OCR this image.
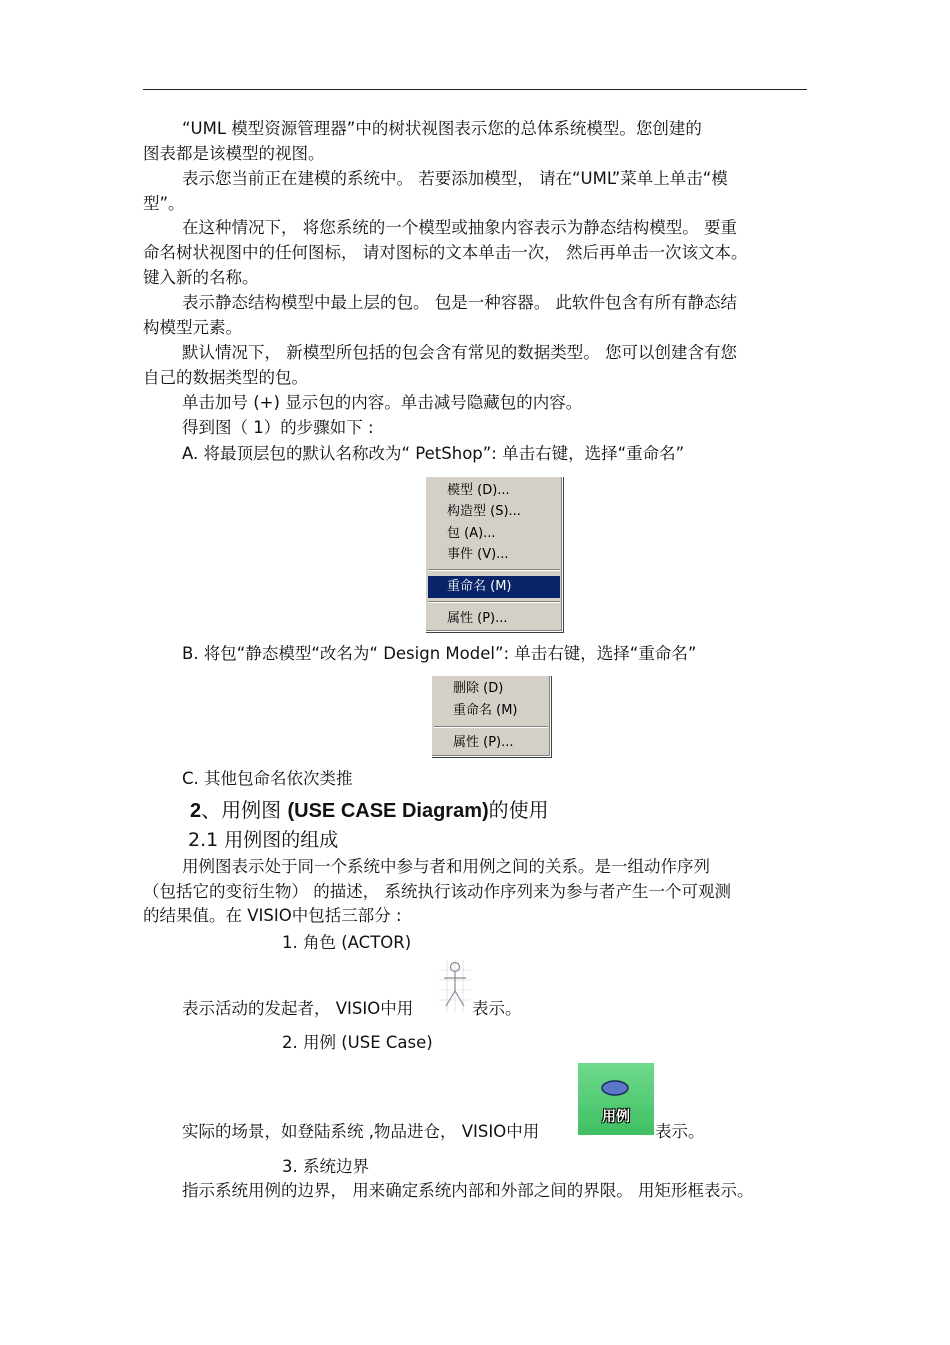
“UML 模型资源管理器”中的树状视图表示您的总体系统模型。您创建的
图表都是该模型的视图。
表示您当前正在建模的系统中。 若要添加模型， 请在“UML”菜单上单击“模
型”。
在这种情况下， 将您系统的一个模型或抽象内容表示为静态结构模型。 要重
命名树状视图中的任何图标， 请对图标的文本单击一次， 然后再单击一次该文本。
键入新的名称。
表示静态结构模型中最上层的包。 包是一种容器。 此软件包含有所有静态结
构模型元素。
默认情况下， 新模型所包括的包会含有常见的数据类型。 您可以创建含有您
自己的数据类型的包。
单击加号 (+) 显示包的内容。单击减号隐藏包的内容。
得到图（ 1）的步骤如下 :
A. 将最顶层包的默认名称改为“ PetShop”: 单击右键，选择“重命名”
模型 (D)...
构造型 (S)...
包 (A)...
事件 (V)...
重命名 (M)
属性 (P)...
B. 将包“静态模型“改名为“ Design Model”: 单击右键，选择“重命名”
删除 (D)
重命名 (M)
属性 (P)...
C. 其他包命名依次类推
2、用例图 (USE CASE Diagram)的使用
2.1 用例图的组成
用例图表示处于同一个系统中参与者和用例之间的关系。是一组动作序列
（包括它的变衍生物） 的描述， 系统执行该动作序列来为参与者产生一个可观测
的结果值。在 VISIO中包括三部分 :
1. 角色 (ACTOR)
表示活动的发起者， VISIO中用	表示。
2. 用例 (USE Case)
实际的场景，如登陆系统 ,物品进仓， VISIO中用
用例
表示。
3. 系统边界
指示系统用例的边界， 用来确定系统内部和外部之间的界限。 用矩形框表示。
